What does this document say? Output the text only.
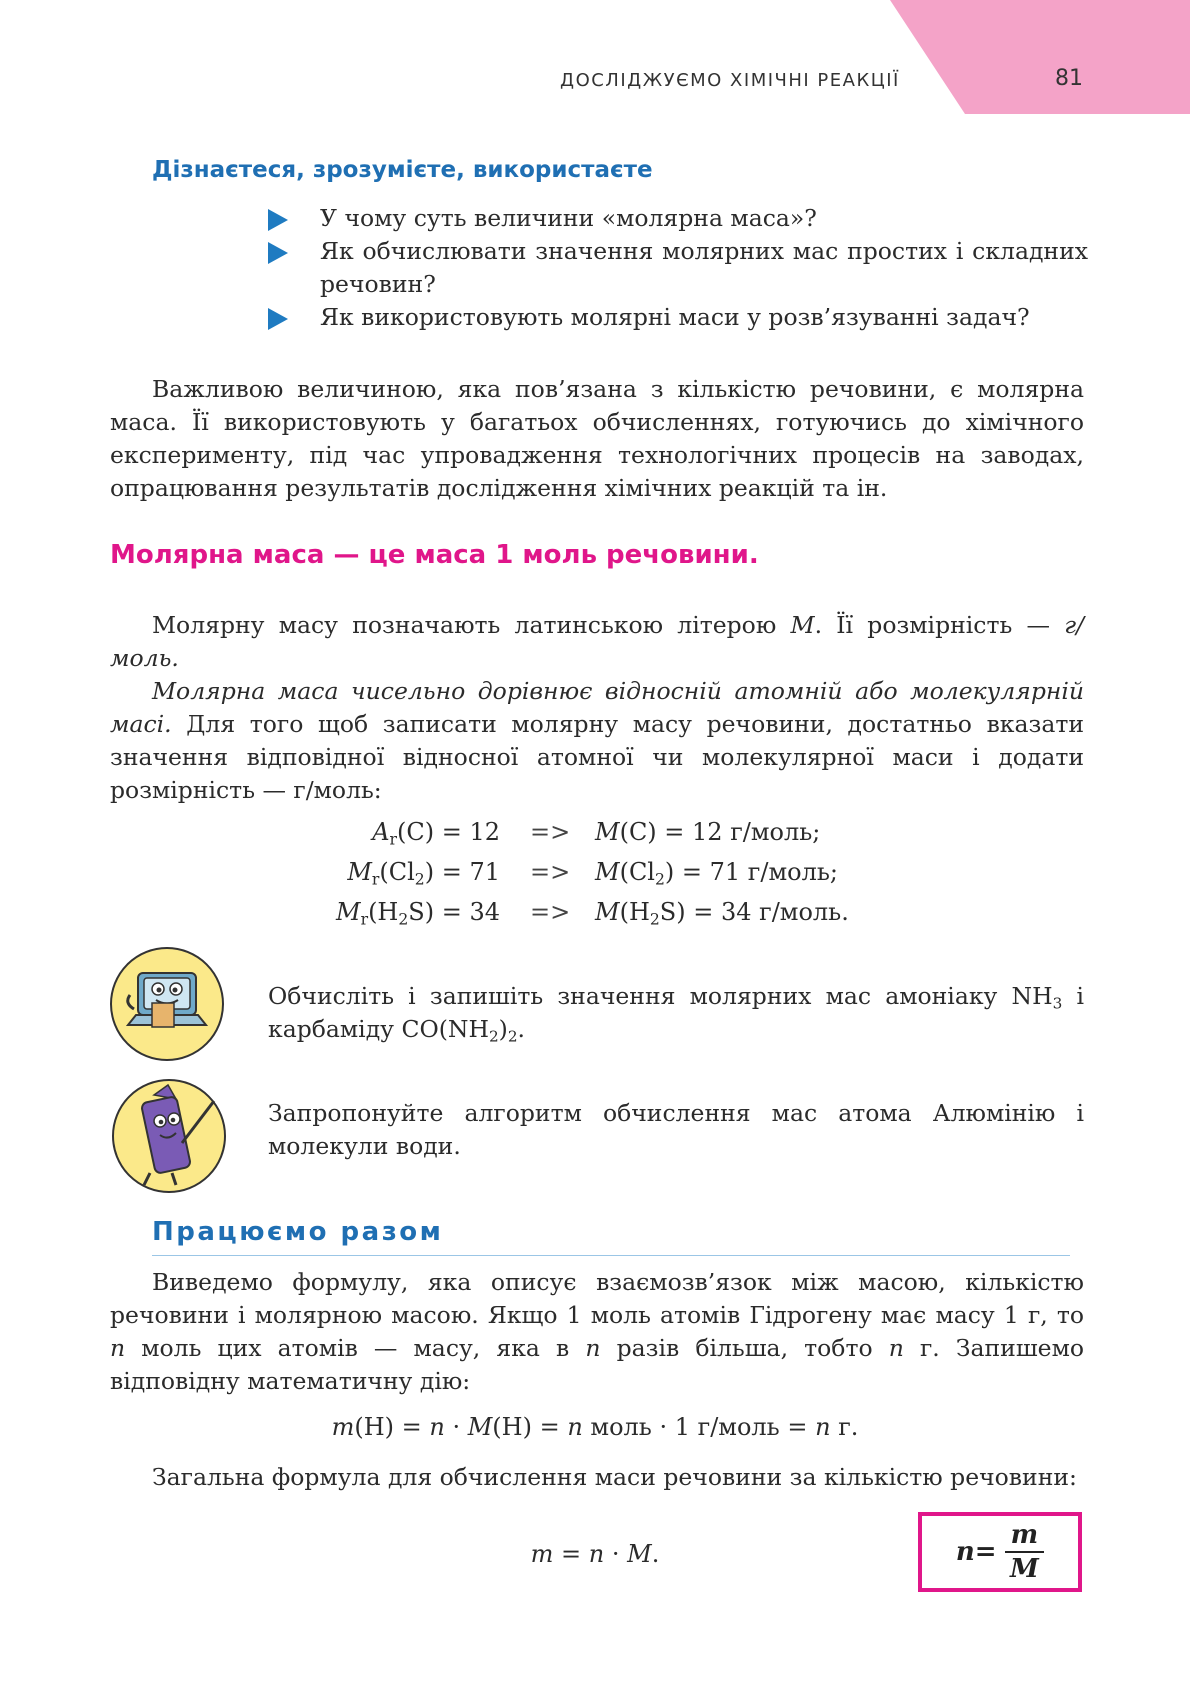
ДОСЛІДЖУЄМО ХІМІЧНІ РЕАКЦІЇ	81
Дізнаєтеся, зрозумієте, використаєте
У чому суть величини «молярна маса»?
Як обчислювати значення молярних мас простих і складних речовин?
Як використовують молярні маси у розв’язуванні задач?

Важливою величиною, яка пов’язана з кількістю речовини, є молярна маса. Її використовують у багатьох обчисленнях, готуючись до хімічного експерименту, під час упровадження технологічних процесів на заводах, опрацювання результатів дослідження хімічних реакцій та ін.

Молярна маса — це маса 1 моль речовини.

Молярну масу позначають латинською літерою M. Її розмірність — г/моль.

Молярна маса чисельно дорівнює відносній атомній або молекулярній масі. Для того щоб записати молярну масу речовини, достатньо вказати значення відповідної відносної атомної чи молекулярної маси і додати розмірність — г/моль:

$A_r(C) = 12 => M(C) = 12$ г/моль;
$M_r(Cl_2) = 71 => M(Cl_2) = 71$ г/моль;
$M_r(H_2S) = 34 => M(H_2S) = 34$ г/моль.

Обчисліть і запишіть значення молярних мас амоніаку $NH_3$ і карбаміду $CO(NH_2)_2$.

Запропонуйте алгоритм обчислення мас атома Алюмінію і молекули води.

Працюємо разом

Виведемо формулу, яка описує взаємозв’язок між масою, кількістю речовини і молярною масою. Якщо 1 моль атомів Гідрогену має масу 1 г, то n моль цих атомів — масу, яка в n разів більша, тобто n г. Запишемо відповідну математичну дію:

m(H) = n · M(H) = n моль · 1 г/моль = n г.

Загальна формула для обчислення маси речовини за кількістю речовини:

m = n · M.	$n = \frac{m}{M}$
